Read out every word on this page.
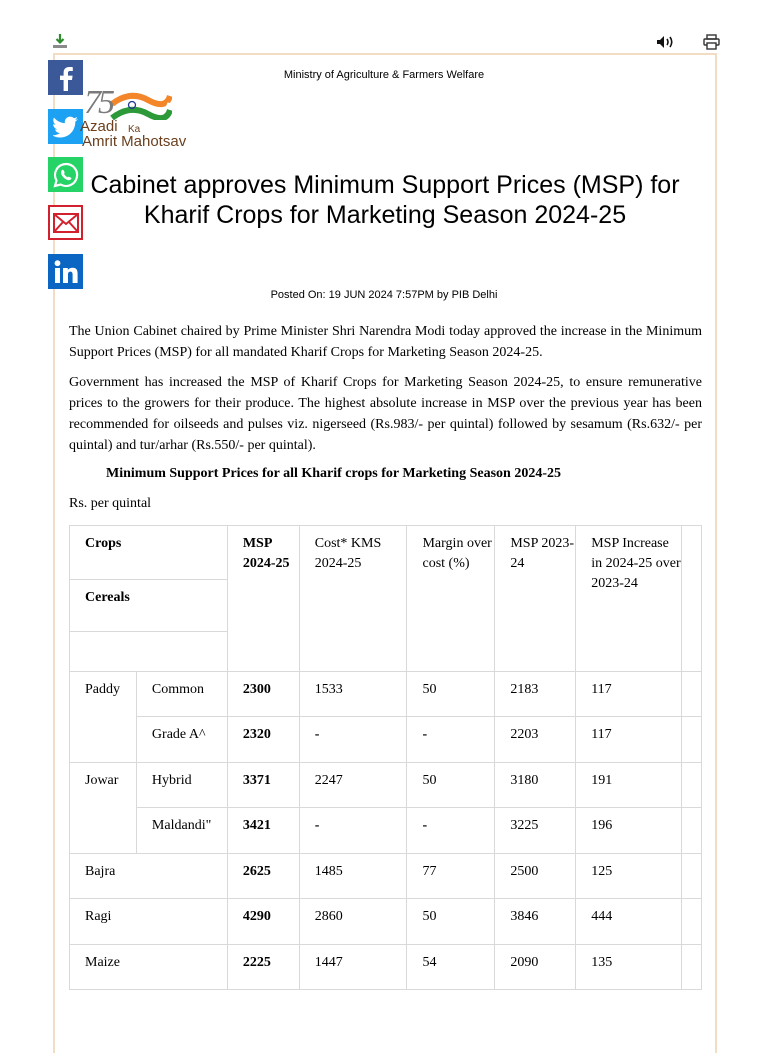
Ministry of Agriculture & Farmers Welfare
75
Azadi Ka
Amrit Mahotsav
Cabinet approves Minimum Support Prices (MSP) for Kharif Crops for Marketing Season 2024-25
Posted On: 19 JUN 2024 7:57PM by PIB Delhi

The Union Cabinet chaired by Prime Minister Shri Narendra Modi today approved the increase in the Minimum Support Prices (MSP) for all mandated Kharif Crops for Marketing Season 2024-25.

Government has increased the MSP of Kharif Crops for Marketing Season 2024-25, to ensure remunerative prices to the growers for their produce. The highest absolute increase in MSP over the previous year has been recommended for oilseeds and pulses viz. nigerseed (Rs.983/- per quintal) followed by sesamum (Rs.632/- per quintal) and tur/arhar (Rs.550/- per quintal).

Minimum Support Prices for all Kharif crops for Marketing Season 2024-25
Rs. per quintal
Crops		MSP 2024-25	Cost* KMS 2024-25	Margin over cost (%)	MSP 2023-24	MSP Increase in 2024-25 over 2023-24	

Cereals							

Paddy	Common	2300	1533	50	2183	117	

	Grade A^	2320	-	-	2203	117	

Jowar	Hybrid	3371	2247	50	3180	191	

	Maldandi"	3421	-	-	3225	196	

Bajra		2625	1485	77	2500	125	

Ragi		4290	2860	50	3846	444	

Maize		2225	1447	54	2090	135	
